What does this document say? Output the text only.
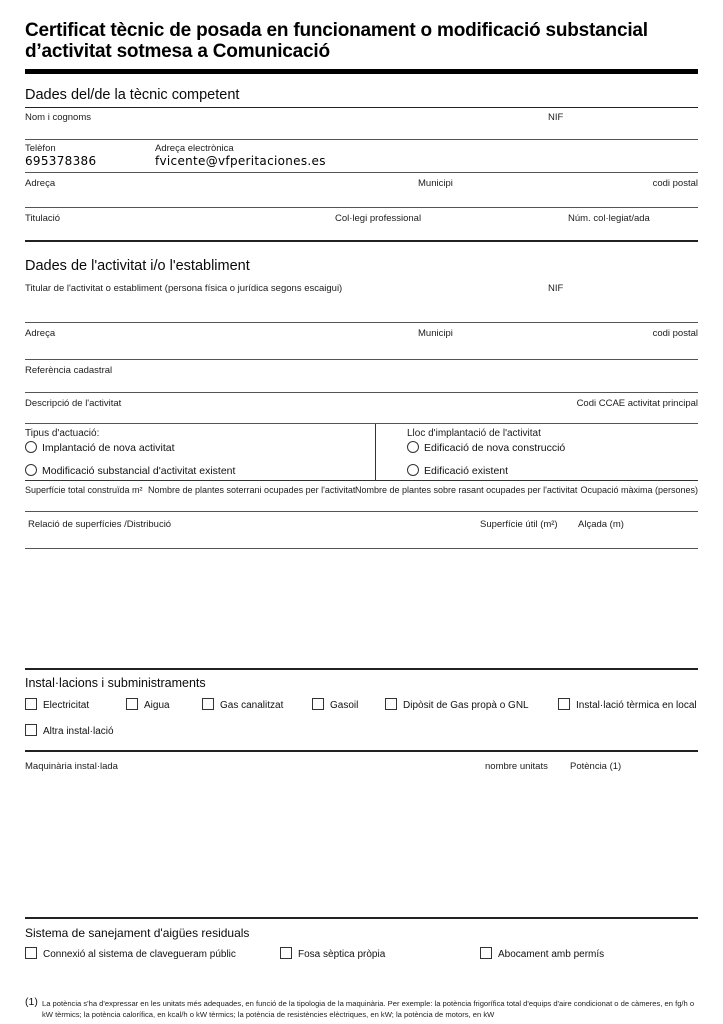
Certificat tècnic de posada en funcionament o modificació substancial
d’activitat sotmesa a Comunicació
Dades del/de la tècnic competent
Nom i cognoms	NIF
Telèfon
695378386
Adreça electrònica
fvicente@vfperitaciones.es
Adreça	Municipi	codi postal
Titulació	Col·legi professional	Núm. col·legiat/ada
Dades de l'activitat i/o l'establiment
Titular de l'activitat o establiment (persona física o jurídica segons escaigui)	NIF
Adreça	Municipi	codi postal
Referència cadastral
Descripció de l'activitat	Codi CCAE activitat principal
Tipus d'actuació:
Implantació de nova activitat
Modificació substancial d'activitat existent
Lloc d'implantació de l'activitat
Edificació de nova construcció
Edificació existent
Superfície total construïda m² Nombre de plantes soterrani ocupades per l'activitat Nombre de plantes sobre rasant ocupades per l'activitat Ocupació màxima (persones)
Relació de superfícies /Distribució	Superfície útil (m²) Alçada (m)
Instal·lacions i subministraments
Electricitat	Aigua	Gas canalitzat	Gasoil	Dipòsit de Gas propà o GNL	Instal·lació tèrmica en local
Altra instal·lació
Maquinària instal·lada	nombre unitats Potència (1)
Sistema de sanejament d'aigües residuals
Connexió al sistema de clavegueram públic	Fosa sèptica pròpia	Abocament amb permís
(1) La potència s'ha d'expressar en les unitats més adequades, en funció de la tipologia de la maquinària. Per exemple: la potència frigorífica total d'equips d'aire condicionat o de càmeres, en fg/h o kW tèrmics; la potència calorífica, en kcal/h o kW tèrmics; la potència de resistències elèctriques, en kW; la potència de motors, en kW
